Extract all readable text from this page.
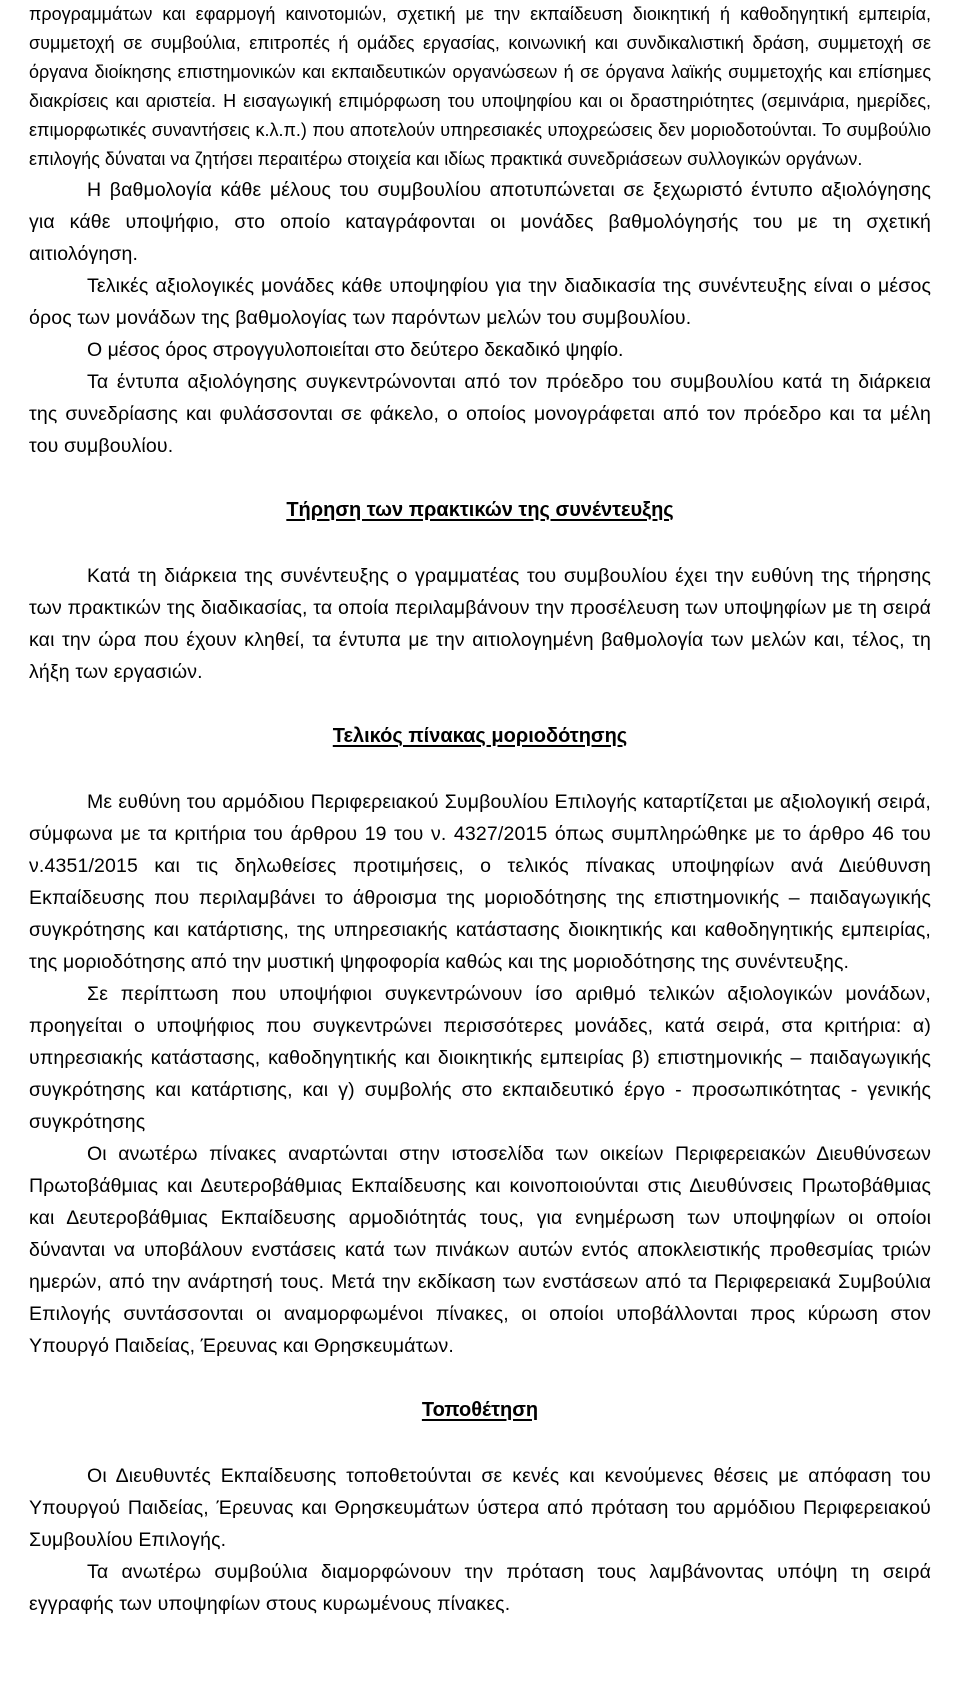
προγραμμάτων και εφαρμογή καινοτομιών, σχετική με την εκπαίδευση διοικητική ή καθοδηγητική εμπειρία, συμμετοχή σε συμβούλια, επιτροπές ή ομάδες εργασίας, κοινωνική και συνδικαλιστική δράση, συμμετοχή σε όργανα διοίκησης επιστημονικών και εκπαιδευτικών οργανώσεων ή σε όργανα λαϊκής συμμετοχής και επίσημες διακρίσεις και αριστεία. Η εισαγωγική επιμόρφωση του υποψηφίου και οι δραστηριότητες (σεμινάρια, ημερίδες, επιμορφωτικές συναντήσεις κ.λ.π.) που αποτελούν υπηρεσιακές υποχρεώσεις δεν μοριοδοτούνται. Το συμβούλιο επιλογής δύναται να ζητήσει περαιτέρω στοιχεία και ιδίως πρακτικά συνεδριάσεων συλλογικών οργάνων.

Η βαθμολογία κάθε μέλους του συμβουλίου αποτυπώνεται σε ξεχωριστό έντυπο αξιολόγησης για κάθε υποψήφιο, στο οποίο καταγράφονται οι μονάδες βαθμολόγησής του με τη σχετική αιτιολόγηση.

Τελικές αξιολογικές μονάδες κάθε υποψηφίου για την διαδικασία της συνέντευξης είναι ο μέσος όρος των μονάδων της βαθμολογίας των παρόντων μελών του συμβουλίου.

Ο μέσος όρος στρογγυλοποιείται στο δεύτερο δεκαδικό ψηφίο.

Τα έντυπα αξιολόγησης συγκεντρώνονται από τον πρόεδρο του συμβουλίου κατά τη διάρκεια της συνεδρίασης και φυλάσσονται σε φάκελο, ο οποίος μονογράφεται από τον πρόεδρο και τα μέλη του συμβουλίου.

Τήρηση των πρακτικών της συνέντευξης

Κατά τη διάρκεια της συνέντευξης ο γραμματέας του συμβουλίου έχει την ευθύνη της τήρησης των πρακτικών της διαδικασίας, τα οποία περιλαμβάνουν την προσέλευση των υποψηφίων με τη σειρά και την ώρα που έχουν κληθεί, τα έντυπα με την αιτιολογημένη βαθμολογία των μελών και, τέλος, τη λήξη των εργασιών.

Τελικός πίνακας μοριοδότησης

Με ευθύνη του αρμόδιου Περιφερειακού Συμβουλίου Επιλογής καταρτίζεται με αξιολογική σειρά, σύμφωνα με τα κριτήρια του άρθρου 19 του ν. 4327/2015 όπως συμπληρώθηκε με το άρθρο 46 του ν.4351/2015 και τις δηλωθείσες προτιμήσεις, ο τελικός πίνακας υποψηφίων ανά Διεύθυνση Εκπαίδευσης που περιλαμβάνει το άθροισμα της μοριοδότησης της επιστημονικής – παιδαγωγικής συγκρότησης και κατάρτισης, της υπηρεσιακής κατάστασης διοικητικής και καθοδηγητικής εμπειρίας, της μοριοδότησης από την μυστική ψηφοφορία καθώς και της μοριοδότησης της συνέντευξης.

Σε περίπτωση που υποψήφιοι συγκεντρώνουν ίσο αριθμό τελικών αξιολογικών μονάδων, προηγείται ο υποψήφιος που συγκεντρώνει περισσότερες μονάδες, κατά σειρά, στα κριτήρια: α) υπηρεσιακής κατάστασης, καθοδηγητικής και διοικητικής εμπειρίας β) επιστημονικής – παιδαγωγικής συγκρότησης και κατάρτισης, και γ) συμβολής στο εκπαιδευτικό έργο - προσωπικότητας - γενικής συγκρότησης

Οι ανωτέρω πίνακες αναρτώνται στην ιστοσελίδα των οικείων Περιφερειακών Διευθύνσεων Πρωτοβάθμιας και Δευτεροβάθμιας Εκπαίδευσης και κοινοποιούνται στις Διευθύνσεις Πρωτοβάθμιας και Δευτεροβάθμιας Εκπαίδευσης αρμοδιότητάς τους, για ενημέρωση των υποψηφίων οι οποίοι δύνανται να υποβάλουν ενστάσεις κατά των πινάκων αυτών εντός αποκλειστικής προθεσμίας τριών ημερών, από την ανάρτησή τους. Μετά την εκδίκαση των ενστάσεων από τα Περιφερειακά Συμβούλια Επιλογής συντάσσονται οι αναμορφωμένοι πίνακες, οι οποίοι υποβάλλονται προς κύρωση στον Υπουργό Παιδείας, Έρευνας και Θρησκευμάτων.

Τοποθέτηση

Οι Διευθυντές Εκπαίδευσης τοποθετούνται σε κενές και κενούμενες θέσεις με απόφαση του Υπουργού Παιδείας, Έρευνας και Θρησκευμάτων ύστερα από πρόταση του αρμόδιου Περιφερειακού Συμβουλίου Επιλογής.

Τα ανωτέρω συμβούλια διαμορφώνουν την πρόταση τους λαμβάνοντας υπόψη τη σειρά εγγραφής των υποψηφίων στους κυρωμένους πίνακες.
